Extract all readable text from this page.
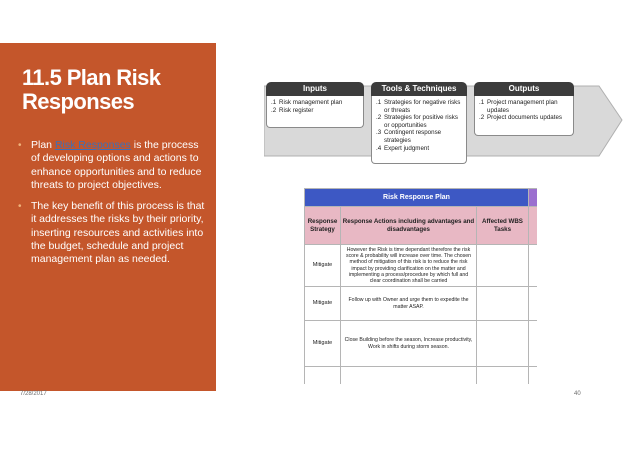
11.5 Plan Risk Responses
• Plan Risk Responses is the process of developing options and actions to enhance opportunities and to reduce threats to project objectives.
• The key benefit of this process is that it addresses the risks by their priority, inserting resources and activities into the budget, schedule and project management plan as needed.
7/28/2017	40
Inputs
.1 Risk management plan
.2 Risk register
Tools & Techniques
.1 Strategies for negative risks or threats
.2 Strategies for positive risks or opportunities
.3 Contingent response strategies
.4 Expert judgment
Outputs
.1 Project management plan updates
.2 Project documents updates
Risk Response Plan			
Response Strategy	Response Actions including advantages and disadvantages	Affected WBS Tasks	
Mitigate	However the Risk is time dependant therefore the risk score & probability will increase over time. The chosen method of mitigation of this risk is to reduce the risk impact by providing clarification on the matter and implementing a process/procedure by which full and clear coordination shall be carried		
Mitigate	Follow up with Owner and urge them to expedite the matter ASAP.		
Mitigate	Close Building before the season, Increase productivity, Work in shifts during storm season.		
